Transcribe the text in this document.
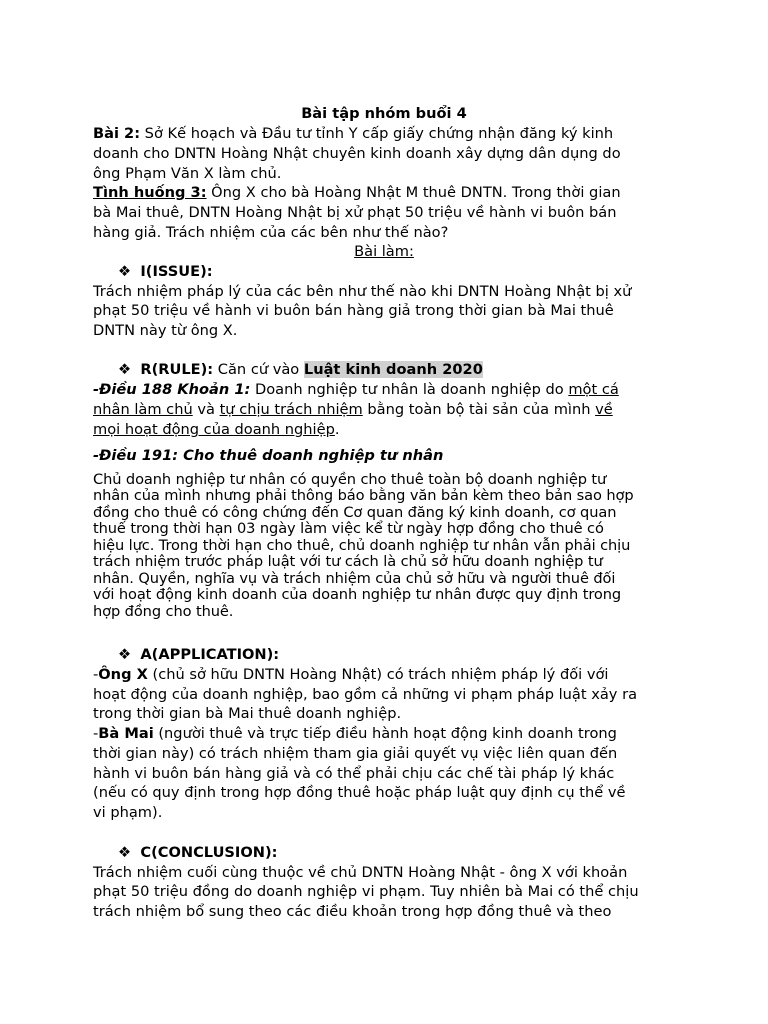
Bài tập nhóm buổi 4
Bài 2: Sở Kế hoạch và Đầu tư tỉnh Y cấp giấy chứng nhận đăng ký kinh
doanh cho DNTN Hoàng Nhật chuyên kinh doanh xây dựng dân dụng do
ông Phạm Văn X làm chủ.
Tình huống 3: Ông X cho bà Hoàng Nhật M thuê DNTN. Trong thời gian
bà Mai thuê, DNTN Hoàng Nhật bị xử phạt 50 triệu về hành vi buôn bán
hàng giả. Trách nhiệm của các bên như thế nào?
Bài làm:
❖ I(ISSUE):
Trách nhiệm pháp lý của các bên như thế nào khi DNTN Hoàng Nhật bị xử
phạt 50 triệu về hành vi buôn bán hàng giả trong thời gian bà Mai thuê
DNTN này từ ông X.
❖ R(RULE): Căn cứ vào Luật kinh doanh 2020
-Điều 188 Khoản 1: Doanh nghiệp tư nhân là doanh nghiệp do một cá
nhân làm chủ và tự chịu trách nhiệm bằng toàn bộ tài sản của mình về
mọi hoạt động của doanh nghiệp.
-Điều 191: Cho thuê doanh nghiệp tư nhân
Chủ doanh nghiệp tư nhân có quyền cho thuê toàn bộ doanh nghiệp tư
nhân của mình nhưng phải thông báo bằng văn bản kèm theo bản sao hợp
đồng cho thuê có công chứng đến Cơ quan đăng ký kinh doanh, cơ quan
thuế trong thời hạn 03 ngày làm việc kể từ ngày hợp đồng cho thuê có
hiệu lực. Trong thời hạn cho thuê, chủ doanh nghiệp tư nhân vẫn phải chịu
trách nhiệm trước pháp luật với tư cách là chủ sở hữu doanh nghiệp tư
nhân. Quyền, nghĩa vụ và trách nhiệm của chủ sở hữu và người thuê đối
với hoạt động kinh doanh của doanh nghiệp tư nhân được quy định trong
hợp đồng cho thuê.
❖ A(APPLICATION):
-Ông X (chủ sở hữu DNTN Hoàng Nhật) có trách nhiệm pháp lý đối với
hoạt động của doanh nghiệp, bao gồm cả những vi phạm pháp luật xảy ra
trong thời gian bà Mai thuê doanh nghiệp.
-Bà Mai (người thuê và trực tiếp điều hành hoạt động kinh doanh trong
thời gian này) có trách nhiệm tham gia giải quyết vụ việc liên quan đến
hành vi buôn bán hàng giả và có thể phải chịu các chế tài pháp lý khác
(nếu có quy định trong hợp đồng thuê hoặc pháp luật quy định cụ thể về
vi phạm).
❖ C(CONCLUSION):
Trách nhiệm cuối cùng thuộc về chủ DNTN Hoàng Nhật - ông X với khoản
phạt 50 triệu đồng do doanh nghiệp vi phạm. Tuy nhiên bà Mai có thể chịu
trách nhiệm bổ sung theo các điều khoản trong hợp đồng thuê và theo
